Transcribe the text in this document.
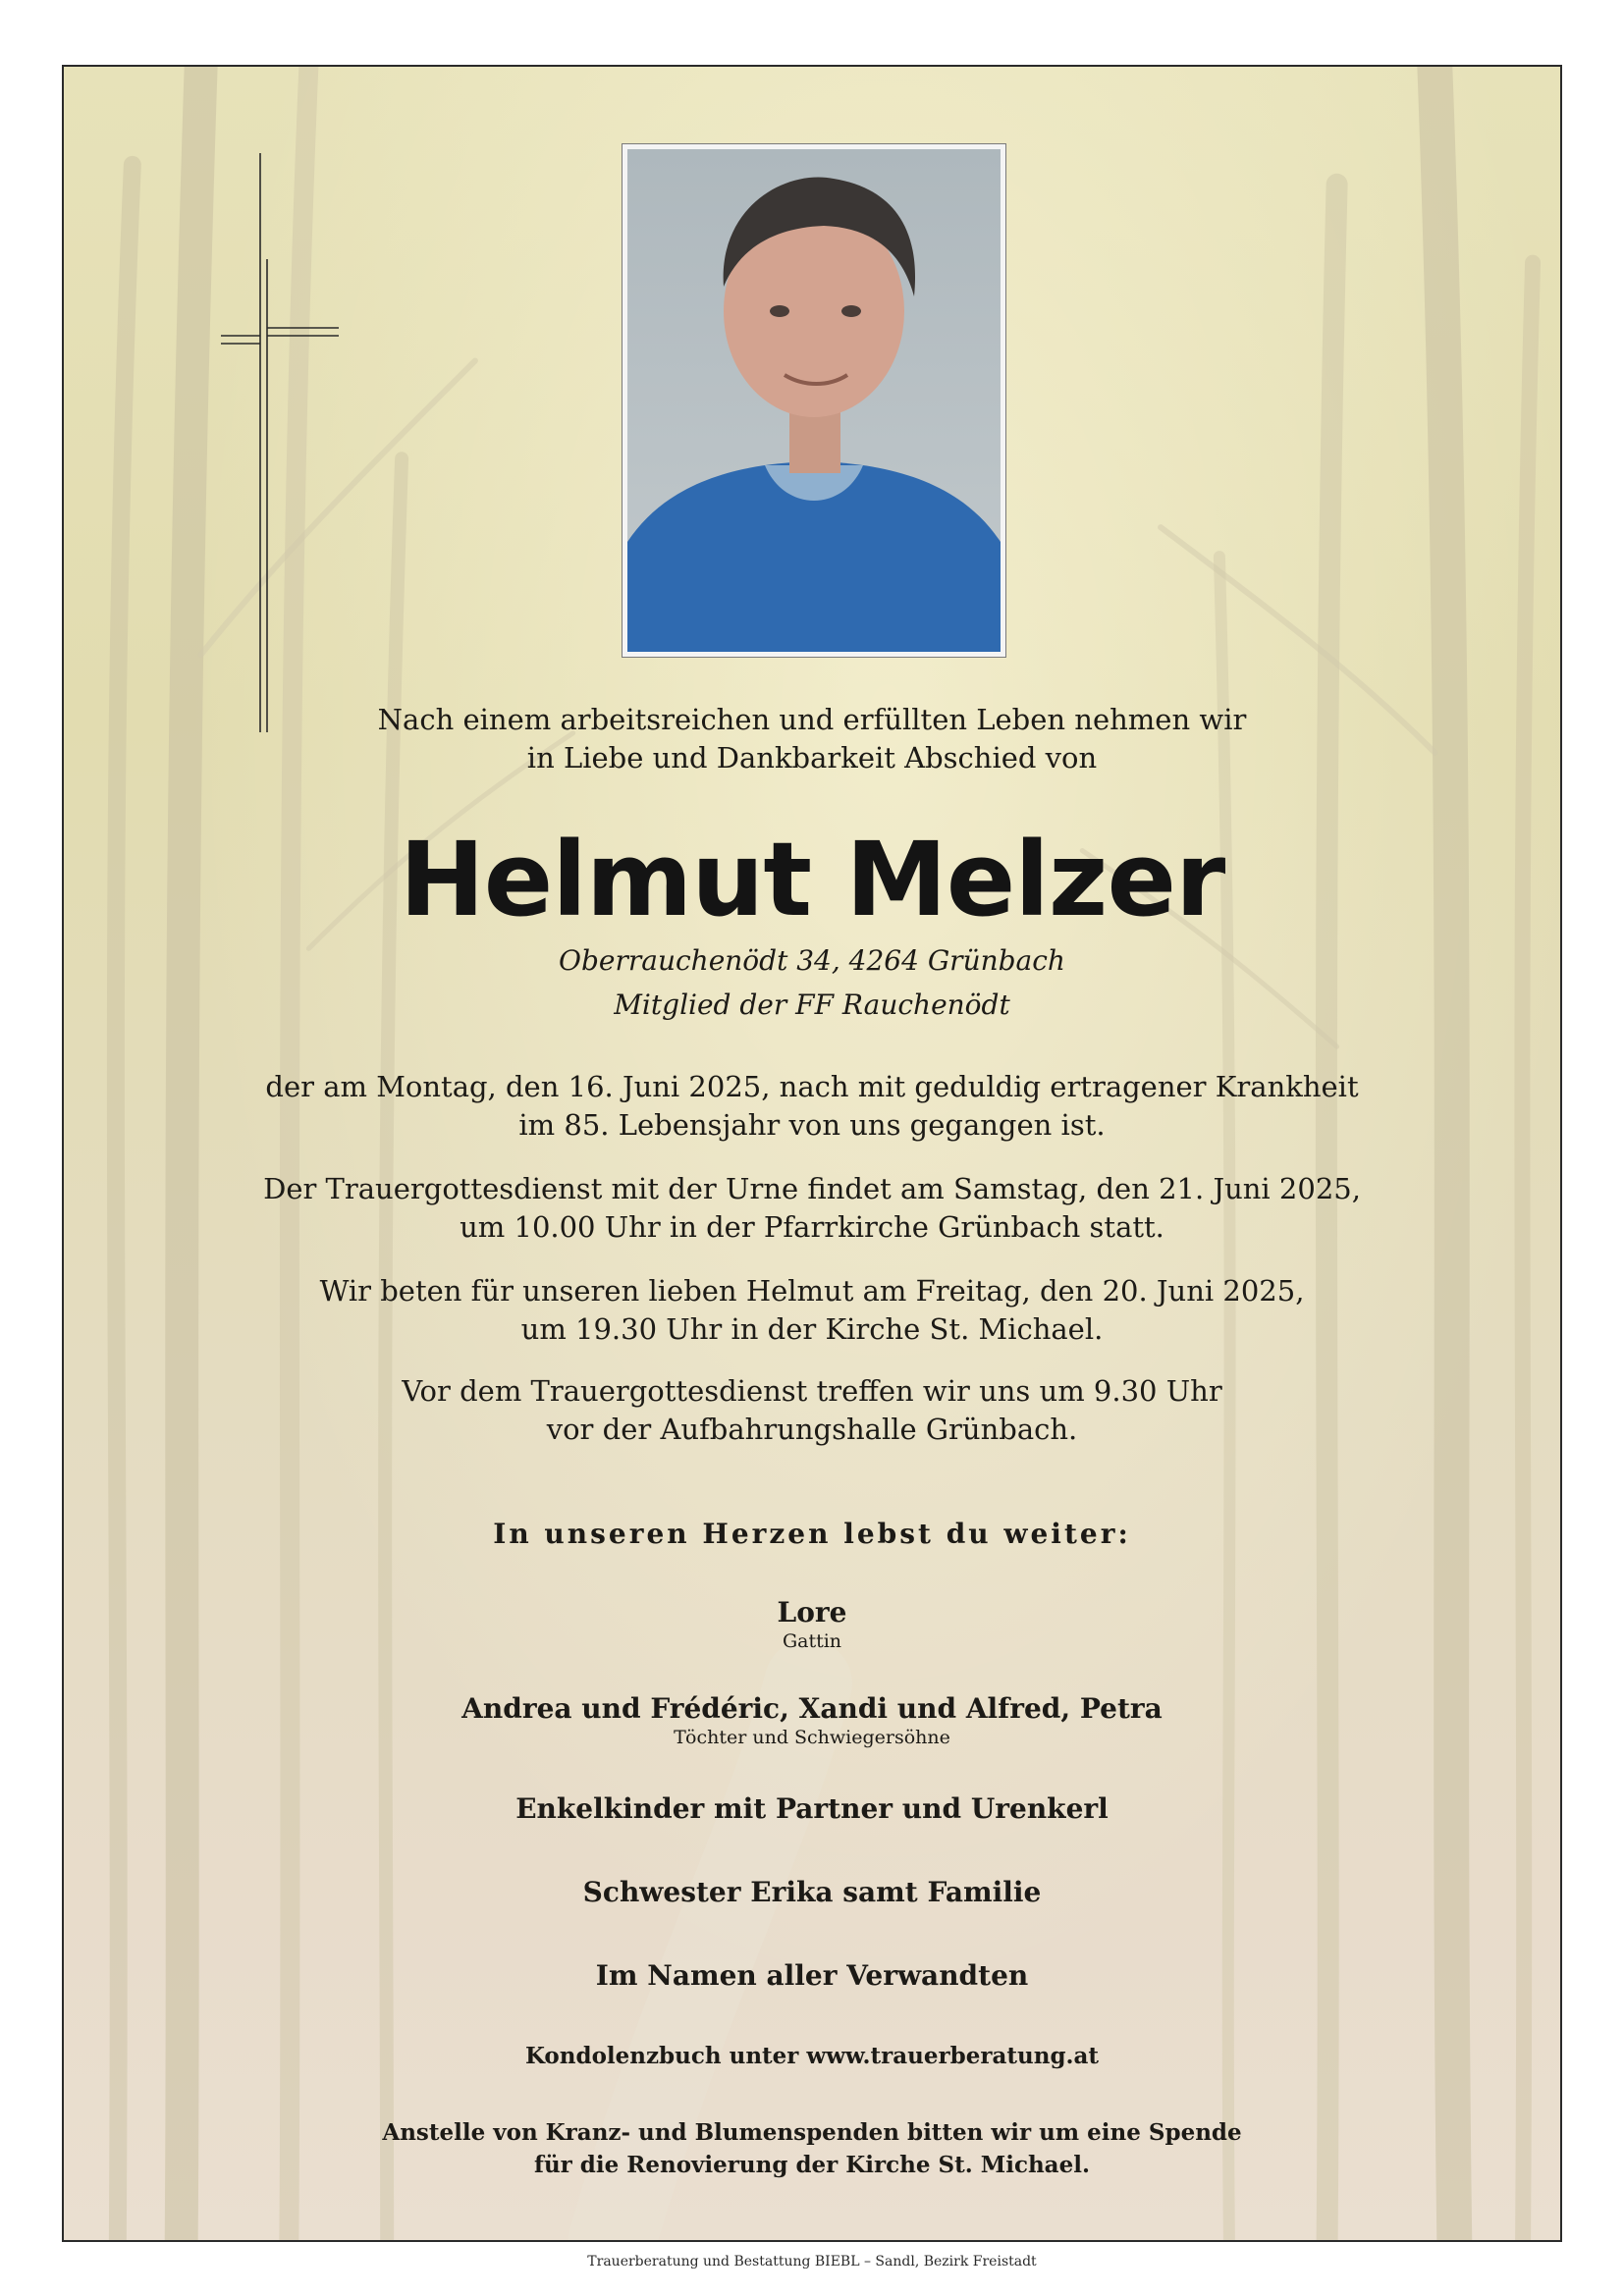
Nach einem arbeitsreichen und erfüllten Leben nehmen wir
in Liebe und Dankbarkeit Abschied von
Helmut Melzer
Oberrauchenödt 34, 4264 Grünbach
Mitglied der FF Rauchenödt
der am Montag, den 16. Juni 2025, nach mit geduldig ertragener Krankheit
im 85. Lebensjahr von uns gegangen ist.
Der Trauergottesdienst mit der Urne findet am Samstag, den 21. Juni 2025,
um 10.00 Uhr in der Pfarrkirche Grünbach statt.
Wir beten für unseren lieben Helmut am Freitag, den 20. Juni 2025,
um 19.30 Uhr in der Kirche St. Michael.
Vor dem Trauergottesdienst treffen wir uns um 9.30 Uhr
vor der Aufbahrungshalle Grünbach.
In unseren Herzen lebst du weiter:
Lore
Gattin
Andrea und Frédéric, Xandi und Alfred, Petra
Töchter und Schwiegersöhne
Enkelkinder mit Partner und Urenkerl
Schwester Erika samt Familie
Im Namen aller Verwandten
Kondolenzbuch unter www.trauerberatung.at
Anstelle von Kranz- und Blumenspenden bitten wir um eine Spende
für die Renovierung der Kirche St. Michael.
Trauerberatung und Bestattung BIEBL – Sandl, Bezirk Freistadt
